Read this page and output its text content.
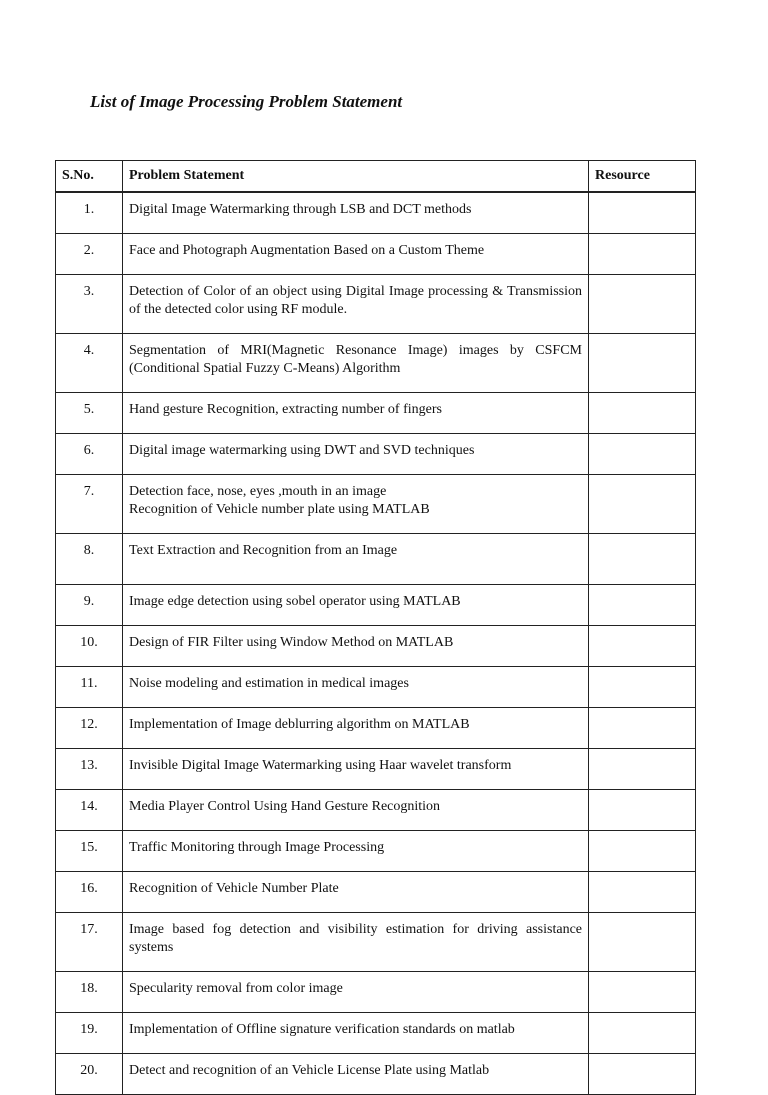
List of Image Processing Problem Statement
S.No.	Problem Statement	Resource
1.	Digital Image Watermarking through LSB and DCT methods	
2.	Face and Photograph Augmentation Based on a Custom Theme	
3.	Detection of Color of an object using Digital Image processing & Transmission of the detected color using RF module.	
4.	Segmentation of MRI(Magnetic Resonance Image) images by CSFCM (Conditional Spatial Fuzzy C-Means) Algorithm	
5.	Hand gesture Recognition, extracting number of fingers	
6.	Digital image watermarking using DWT and SVD techniques	
7.	Detection face, nose, eyes ,mouth in an image
Recognition of Vehicle number plate using MATLAB	

8.	Text Extraction and Recognition from an Image	
9.	Image edge detection using sobel operator using MATLAB	
10.	Design of FIR Filter using Window Method on MATLAB	
11.	Noise modeling and estimation in medical images	
12.	Implementation of Image deblurring algorithm on MATLAB	
13.	Invisible Digital Image Watermarking using Haar wavelet transform	
14.	Media Player Control Using Hand Gesture Recognition	
15.	Traffic Monitoring through Image Processing	
16.	Recognition of Vehicle Number Plate	
17.	Image based fog detection and visibility estimation for driving assistance systems	
18.	Specularity removal from color image	
19.	Implementation of Offline signature verification standards on matlab	
20.	Detect and recognition of an Vehicle License Plate using Matlab	
